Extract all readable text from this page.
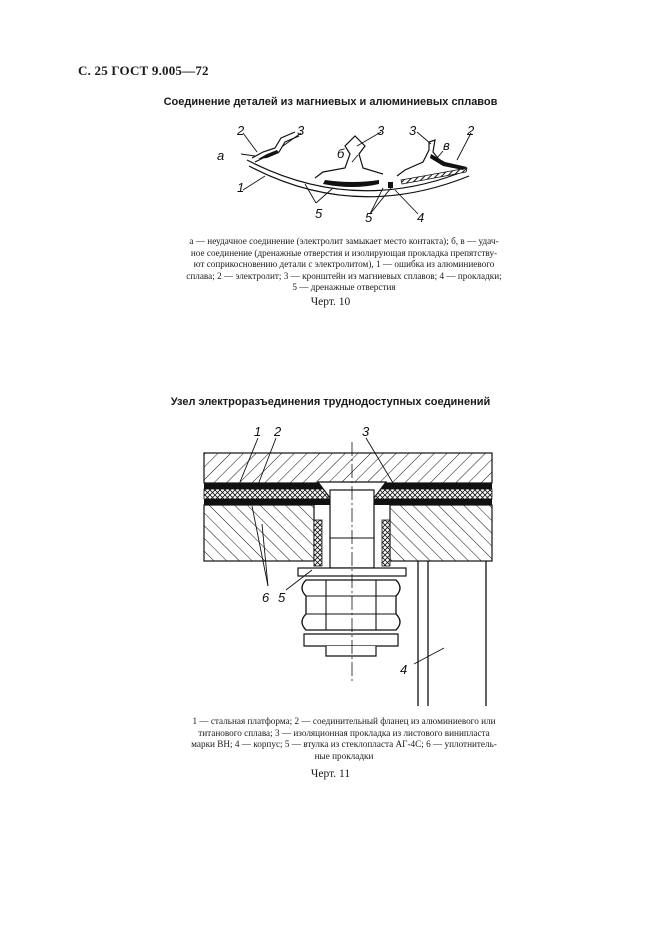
С. 25 ГОСТ 9.005—72
Соединение деталей из магниевых и алюминиевых сплавов
а	б
в
1
2	2
3	3 3
4
5	5

а — неудачное соединение (электролит замыкает место контакта); б, в — удач-

ное соединение (дренажные отверстия и изолирующая прокладка препятству-

ют соприкосновению детали с электролитом), 1 — ошибка из алюминиевого

сплава; 2 — электролит; 3 — кронштейн из магниевых сплавов; 4 — прокладки;

5 — дренажные отверстия

Черт. 10
Узел электроразъединения труднодоступных соединений
1 2	3
4
5
6

1 — стальная платформа; 2 — соединительный фланец из алюминиевого или

титанового сплава; 3 — изоляционная прокладка из листового винипласта

марки ВН; 4 — корпус; 5 — втулка из стеклопласта АГ-4С; 6 — уплотнитель-

ные прокладки

Черт. 11
